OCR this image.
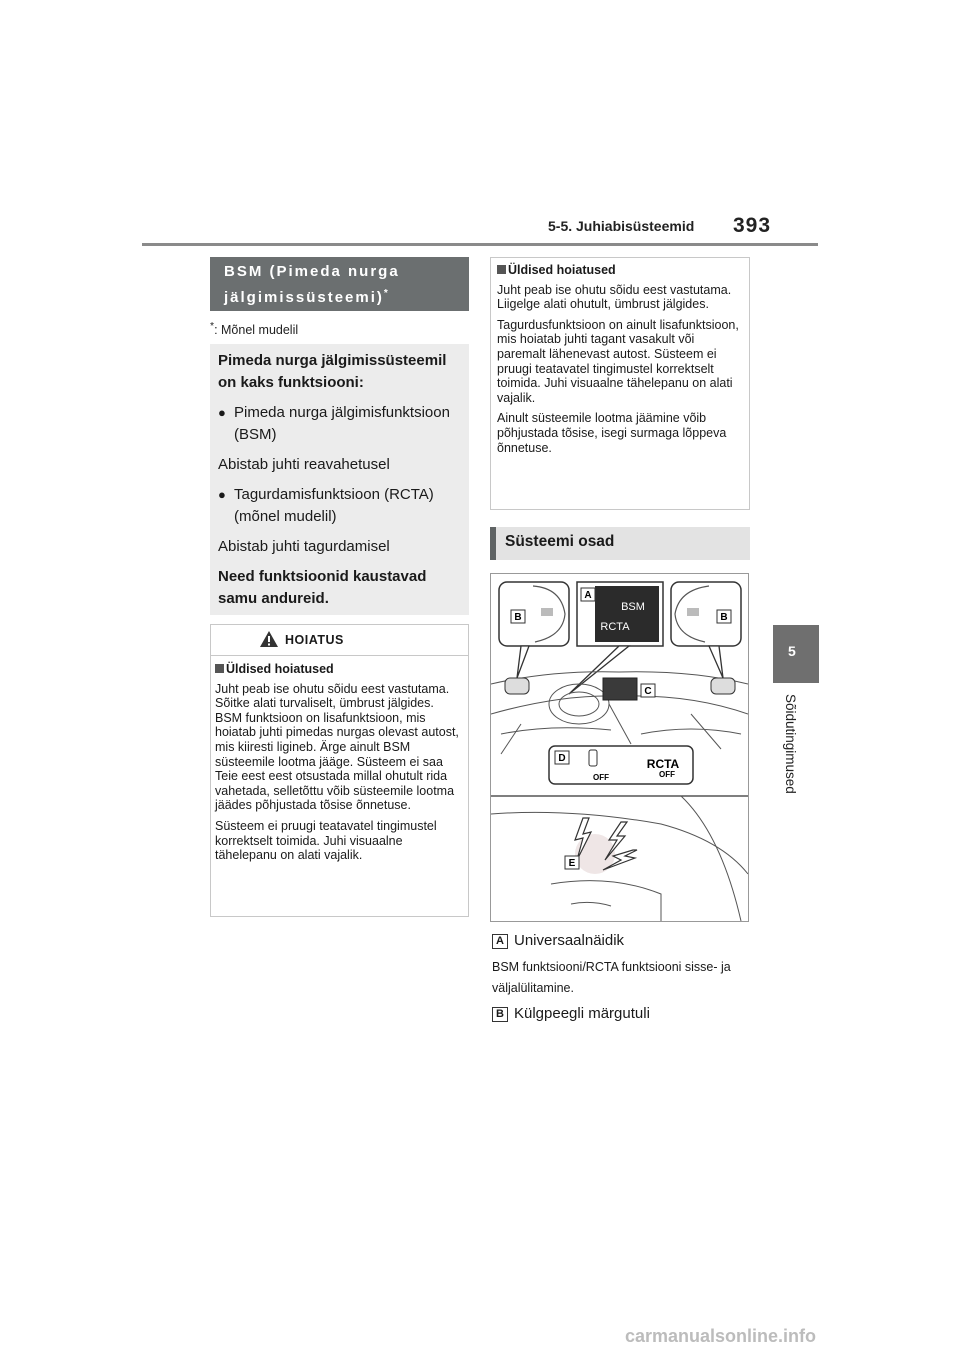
5-5. Juhiabisüsteemid 393
5
Sõidutingimused
BSM (Pimeda nurga
jälgimissüsteemi)*
*: Mõnel mudelil

Pimeda nurga jälgimissüsteemil on kaks funktsiooni:

● Pimeda nurga jälgimisfunktsioon (BSM)

Abistab juhti reavahetusel

● Tagurdamisfunktsioon (RCTA) (mõnel mudelil)

Abistab juhti tagurdamisel

Need funktsioonid kaustavad samu andureid.

HOIATUS

Üldised hoiatused

Juht peab ise ohutu sõidu eest vastutama. Sõitke alati turvaliselt, ümbrust jälgides. BSM funktsioon on lisafunktsioon, mis hoiatab juhti pimedas nurgas olevast autost, mis kiiresti ligineb. Ärge ainult BSM süsteemile lootma jääge. Süsteem ei saa Teie eest eest otsustada millal ohutult rida vahetada, selletõttu võib süsteemile lootma jäädes põhjustada tõsise õnnetuse.

Süsteem ei pruugi teatavatel tingimustel korrektselt toimida. Juhi visuaalne tähelepanu on alati vajalik.

Üldised hoiatused

Juht peab ise ohutu sõidu eest vastutama. Liigelge alati ohutult, ümbrust jälgides.

Tagurdusfunktsioon on ainult lisafunktsioon, mis hoiatab juhti tagant vasakult või paremalt lähenevast autost. Süsteem ei pruugi teatavatel tingimustel korrektselt toimida. Juhi visuaalne tähelepanu on alati vajalik.

Ainult süsteemile lootma jäämine võib põhjustada tõsise, isegi surmaga lõppeva õnnetuse.

Süsteemi osad
BSM
RCTA
B
A
B
C
D
OFF
RCTA
OFF
E
A Universaalnäidik
BSM funktsiooni/RCTA funktsiooni sisse- ja väljalülitamine.
B Külgpeegli märgutuli
carmanualsonline.info
